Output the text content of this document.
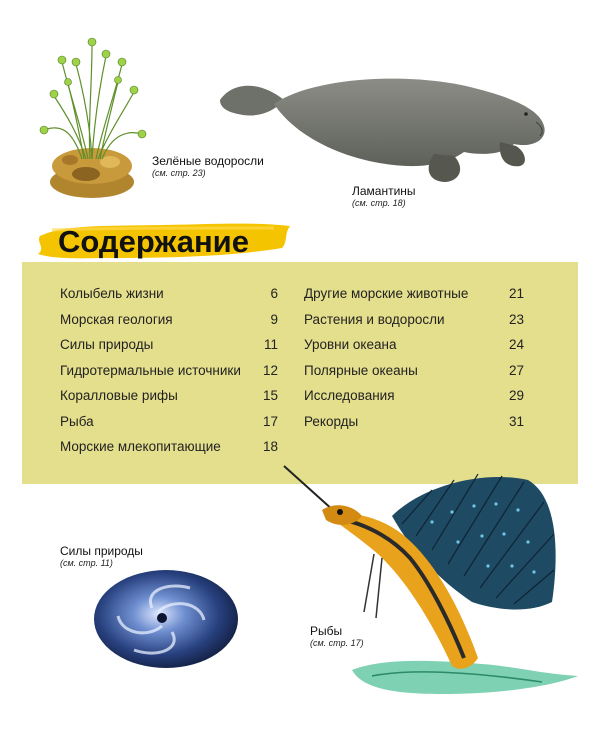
Зелёные водоросли
(см. стр. 23)
Ламантины
(см. стр. 18)
Содержание
Колыбель жизни	6
Морская геология	9
Силы природы	11
Гидротермальные источники	12
Коралловые рифы	15
Рыба	17
Морские млекопитающие	18
Другие морские животные	21
Растения и водоросли	23
Уровни океана	24
Полярные океаны	27
Исследования	29
Рекорды	31
Силы природы
(см. стр. 11)
Рыбы
(см. стр. 17)
